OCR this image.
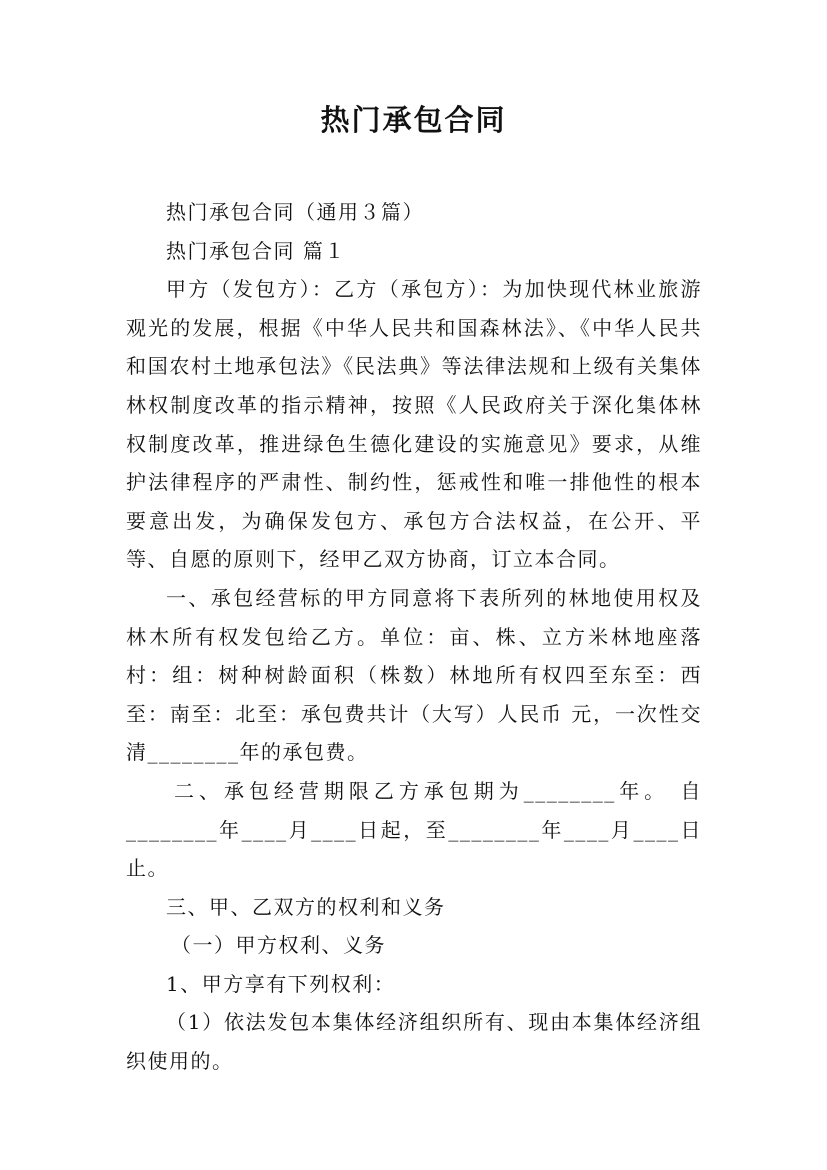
热门承包合同

热门承包合同（通用３篇）

热门承包合同 篇１

甲方（发包方）：乙方（承包方）：为加快现代林业旅游观光的发展，根据《中华人民共和国森林法》、《中华人民共和国农村土地承包法》《民法典》等法律法规和上级有关集体林权制度改革的指示精神，按照《人民政府关于深化集体林权制度改革，推进绿色生德化建设的实施意见》要求，从维护法律程序的严肃性、制约性，惩戒性和唯一排他性的根本要意出发，为确保发包方、承包方合法权益，在公开、平等、自愿的原则下，经甲乙双方协商，订立本合同。

一、承包经营标的甲方同意将下表所列的林地使用权及林木所有权发包给乙方。单位：亩、株、立方米林地座落村：组：树种树龄面积（株数）林地所有权四至东至：西至：南至：北至：承包费共计（大写）人民币 元，一次性交清________年的承包费。

二、承包经营期限乙方承包期为________年。 自________年____月____日起，至________年____月____日止。

三、甲、乙双方的权利和义务

（一）甲方权利、义务

1、甲方享有下列权利：

（1）依法发包本集体经济组织所有、现由本集体经济组织使用的。
